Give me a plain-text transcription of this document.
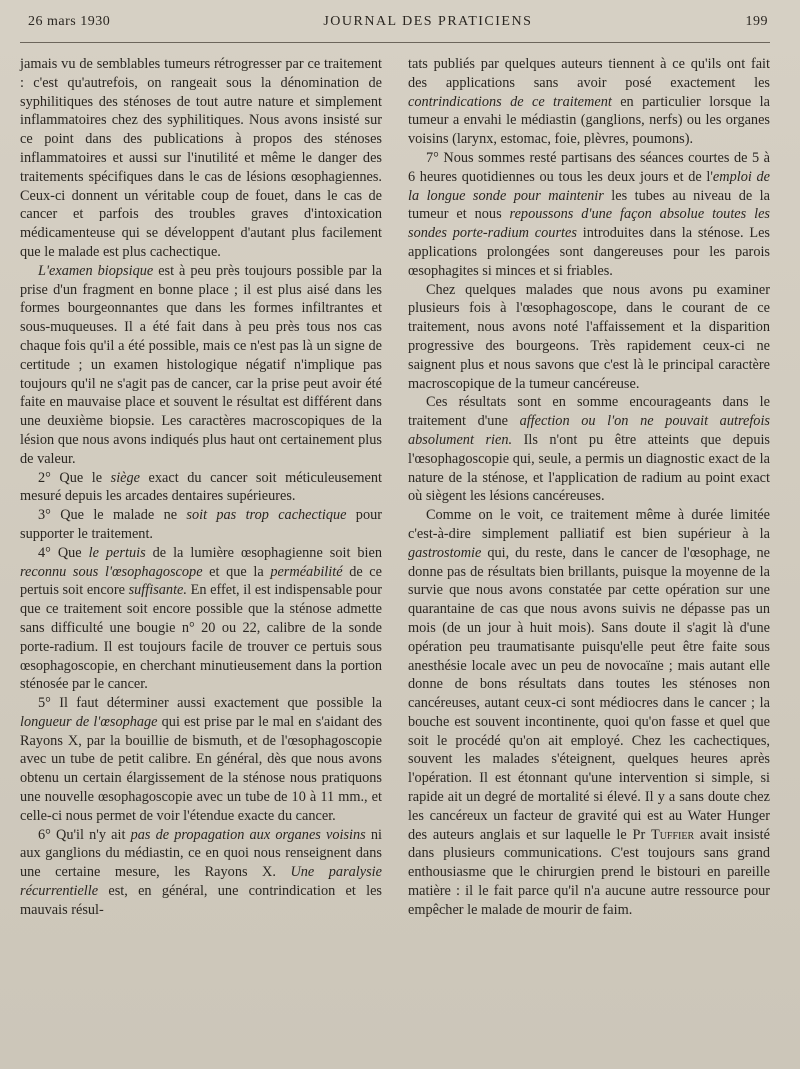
26 mars 1930	JOURNAL DES PRATICIENS	199

jamais vu de semblables tumeurs rétrogresser par ce traitement : c'est qu'autrefois, on rangeait sous la dénomination de syphilitiques des sténoses de tout autre nature et simplement inflammatoires chez des syphilitiques. Nous avons insisté sur ce point dans des publications à propos des sténoses inflammatoires et aussi sur l'inutilité et même le danger des traitements spécifiques dans le cas de lésions œsophagiennes. Ceux-ci donnent un véritable coup de fouet, dans le cas de cancer et parfois des troubles graves d'intoxication médicamenteuse qui se développent d'autant plus facilement que le malade est plus cachectique.

L'examen biopsique est à peu près toujours possible par la prise d'un fragment en bonne place ; il est plus aisé dans les formes bourgeonnantes que dans les formes infiltrantes et sous-muqueuses. Il a été fait dans à peu près tous nos cas chaque fois qu'il a été possible, mais ce n'est pas là un signe de certitude ; un examen histologique négatif n'implique pas toujours qu'il ne s'agit pas de cancer, car la prise peut avoir été faite en mauvaise place et souvent le résultat est différent dans une deuxième biopsie. Les caractères macroscopiques de la lésion que nous avons indiqués plus haut ont certainement plus de valeur.

2° Que le siège exact du cancer soit méticuleusement mesuré depuis les arcades dentaires supérieures.

3° Que le malade ne soit pas trop cachectique pour supporter le traitement.

4° Que le pertuis de la lumière œsophagienne soit bien reconnu sous l'œsophagoscope et que la perméabilité de ce pertuis soit encore suffisante. En effet, il est indispensable pour que ce traitement soit encore possible que la sténose admette sans difficulté une bougie n° 20 ou 22, calibre de la sonde porte-radium. Il est toujours facile de trouver ce pertuis sous œsophagoscopie, en cherchant minutieusement dans la portion sténosée par le cancer.

5° Il faut déterminer aussi exactement que possible la longueur de l'œsophage qui est prise par le mal en s'aidant des Rayons X, par la bouillie de bismuth, et de l'œsophagoscopie avec un tube de petit calibre. En général, dès que nous avons obtenu un certain élargissement de la sténose nous pratiquons une nouvelle œsophagoscopie avec un tube de 10 à 11 mm., et celle-ci nous permet de voir l'étendue exacte du cancer.

6° Qu'il n'y ait pas de propagation aux organes voisins ni aux ganglions du médiastin, ce en quoi nous renseignent dans une certaine mesure, les Rayons X. Une paralysie récurrentielle est, en général, une contrindication et les mauvais résul-

tats publiés par quelques auteurs tiennent à ce qu'ils ont fait des applications sans avoir posé exactement les contrindications de ce traitement en particulier lorsque la tumeur a envahi le médiastin (ganglions, nerfs) ou les organes voisins (larynx, estomac, foie, plèvres, poumons).

7° Nous sommes resté partisans des séances courtes de 5 à 6 heures quotidiennes ou tous les deux jours et de l'emploi de la longue sonde pour maintenir les tubes au niveau de la tumeur et nous repoussons d'une façon absolue toutes les sondes porte-radium courtes introduites dans la sténose. Les applications prolongées sont dangereuses pour les parois œsophagites si minces et si friables.

Chez quelques malades que nous avons pu examiner plusieurs fois à l'œsophagoscope, dans le courant de ce traitement, nous avons noté l'affaissement et la disparition progressive des bourgeons. Très rapidement ceux-ci ne saignent plus et nous savons que c'est là le principal caractère macroscopique de la tumeur cancéreuse.

Ces résultats sont en somme encourageants dans le traitement d'une affection ou l'on ne pouvait autrefois absolument rien. Ils n'ont pu être atteints que depuis l'œsophagoscopie qui, seule, a permis un diagnostic exact de la nature de la sténose, et l'application de radium au point exact où siègent les lésions cancéreuses.

Comme on le voit, ce traitement même à durée limitée c'est-à-dire simplement palliatif est bien supérieur à la gastrostomie qui, du reste, dans le cancer de l'œsophage, ne donne pas de résultats bien brillants, puisque la moyenne de la survie que nous avons constatée par cette opération sur une quarantaine de cas que nous avons suivis ne dépasse pas un mois (de un jour à huit mois). Sans doute il s'agit là d'une opération peu traumatisante puisqu'elle peut être faite sous anesthésie locale avec un peu de novocaïne ; mais autant elle donne de bons résultats dans toutes les sténoses non cancéreuses, autant ceux-ci sont médiocres dans le cancer ; la bouche est souvent incontinente, quoi qu'on fasse et quel que soit le procédé qu'on ait employé. Chez les cachectiques, souvent les malades s'éteignent, quelques heures après l'opération. Il est étonnant qu'une intervention si simple, si rapide ait un degré de mortalité si élevé. Il y a sans doute chez les cancéreux un facteur de gravité qui est au Water Hunger des auteurs anglais et sur laquelle le Pr Tuffier avait insisté dans plusieurs communications. C'est toujours sans grand enthousiasme que le chirurgien prend le bistouri en pareille matière : il le fait parce qu'il n'a aucune autre ressource pour empêcher le malade de mourir de faim.
